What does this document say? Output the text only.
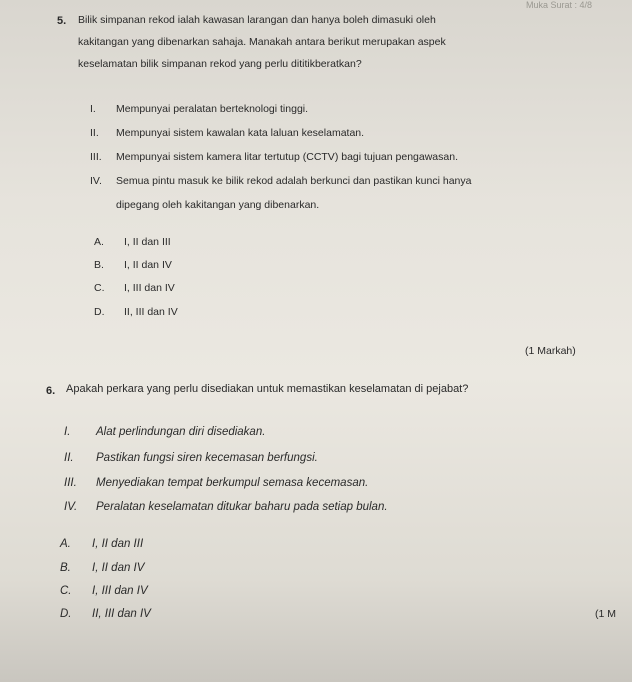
Muka Surat : 4/8
5. Bilik simpanan rekod ialah kawasan larangan dan hanya boleh dimasuki oleh
kakitangan yang dibenarkan sahaja. Manakah antara berikut merupakan aspek
keselamatan bilik simpanan rekod yang perlu dititikberatkan?
I. Mempunyai peralatan berteknologi tinggi.
II. Mempunyai sistem kawalan kata laluan keselamatan.
III. Mempunyai sistem kamera litar tertutup (CCTV) bagi tujuan pengawasan.
IV. Semua pintu masuk ke bilik rekod adalah berkunci dan pastikan kunci hanya
dipegang oleh kakitangan yang dibenarkan.
A. I, II dan III
B. I, II dan IV
C. I, III dan IV
D. II, III dan IV
(1 Markah)
6. Apakah perkara yang perlu disediakan untuk memastikan keselamatan di pejabat?
I. Alat perlindungan diri disediakan.
II. Pastikan fungsi siren kecemasan berfungsi.
III. Menyediakan tempat berkumpul semasa kecemasan.
IV. Peralatan keselamatan ditukar baharu pada setiap bulan.
A. I, II dan III
B. I, II dan IV
C. I, III dan IV
D. II, III dan IV	(1 M
